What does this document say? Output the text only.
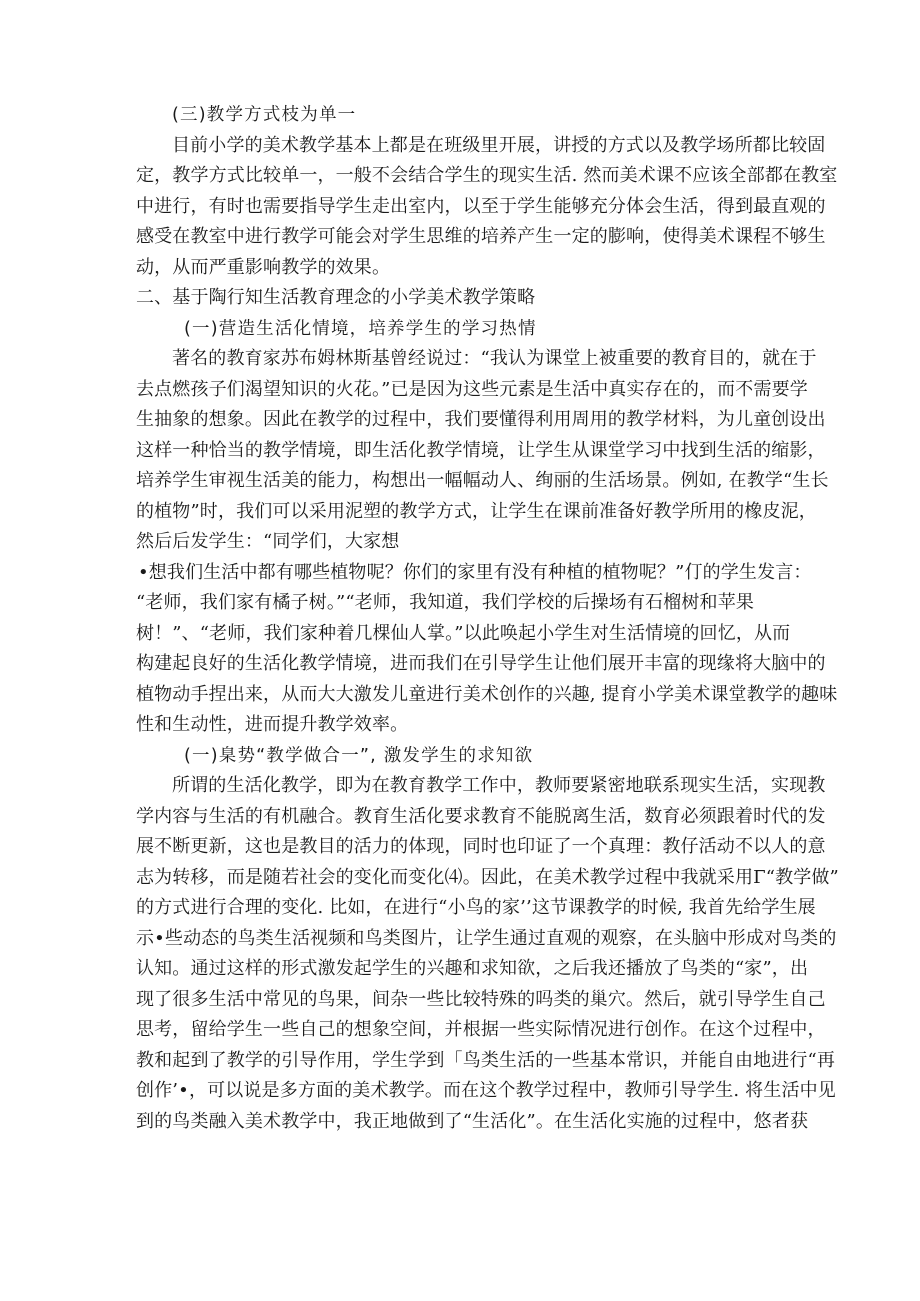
(三)教学方式枝为单一
目前小学的美术教学基本上都是在班级里开展，讲授的方式以及教学场所都比较固
定，教学方式比较单一，一般不会结合学生的现实生活. 然而美术课不应该全部都在教室
中进行，有时也需要指导学生走出室内，以至于学生能够充分体会生活，得到最直观的
感受在教室中进行教学可能会对学生思维的培养产生一定的膨响，使得美术课程不够生
动，从而严重影响教学的效果。
二、基于陶行知生活教育理念的小学美术教学策略
(一)营造生活化情境，培养学生的学习热情
著名的教育家苏布姆林斯基曾经说过：“我认为课堂上被重要的教育目的，就在于
去点燃孩子们渴望知识的火花。”已是因为这些元素是生活中真实存在的，而不需要学
生抽象的想象。因此在教学的过程中，我们要懂得利用周用的教学材料，为儿童创设出
这样一种恰当的教学情境，即生活化教学情境，让学生从课堂学习中找到生活的缩影，
培养学生审视生活美的能力，构想出一幅幅动人、绚丽的生活场景。例如, 在教学“生长
的植物”时，我们可以采用泥塑的教学方式，让学生在课前准备好教学所用的橡皮泥，
然后后发学生：“同学们，大家想
•想我们生活中都有哪些植物呢？你们的家里有没有种植的植物呢？”仃的学生发言：
“老师，我们家有橘子树。”“老师，我知道，我们学校的后操场有石榴树和苹果
树！”、“老师，我们家种着几棵仙人掌。”以此唤起小学生对生活情境的回忆，从而
构建起良好的生活化教学情境，进而我们在引导学生让他们展开丰富的现缘将大脑中的
植物动手捏出来，从而大大激发儿童进行美术创作的兴趣, 提育小学美术课堂教学的趣味
性和生动性，进而提升教学效率。
(一)臬势“教学做合一”, 激发学生的求知欲
所谓的生活化教学，即为在教育教学工作中，教师要紧密地联系现实生活，实现教
学内容与生活的有机融合。教育生活化要求教育不能脱离生活，数育必须跟着时代的发
展不断更新，这也是教目的活力的体现，同时也印证了一个真理：教仔活动不以人的意
志为转移，而是随若社会的变化而变化⑷。因此，在美术教学过程中我就采用Γ“教学做”
的方式进行合理的变化. 比如，在进行“小鸟的家’’这节课教学的时候, 我首先给学生展
示•些动态的鸟类生活视频和鸟类图片，让学生通过直观的观察，在头脑中形成对鸟类的
认知。通过这样的形式激发起学生的兴趣和求知欲，之后我还播放了鸟类的“家”，出
现了很多生活中常见的鸟果，间杂一些比较特殊的吗类的巢穴。然后，就引导学生自己
思考，留给学生一些自己的想象空间，并根据一些实际情况进行创作。在这个过程中，
教和起到了教学的引导作用，学生学到「鸟类生活的一些基本常识，并能自由地进行“再
创作’•，可以说是多方面的美术教学。而在这个教学过程中，教师引导学生. 将生活中见
到的鸟类融入美术教学中，我正地做到了“生活化”。在生活化实施的过程中，悠者获
